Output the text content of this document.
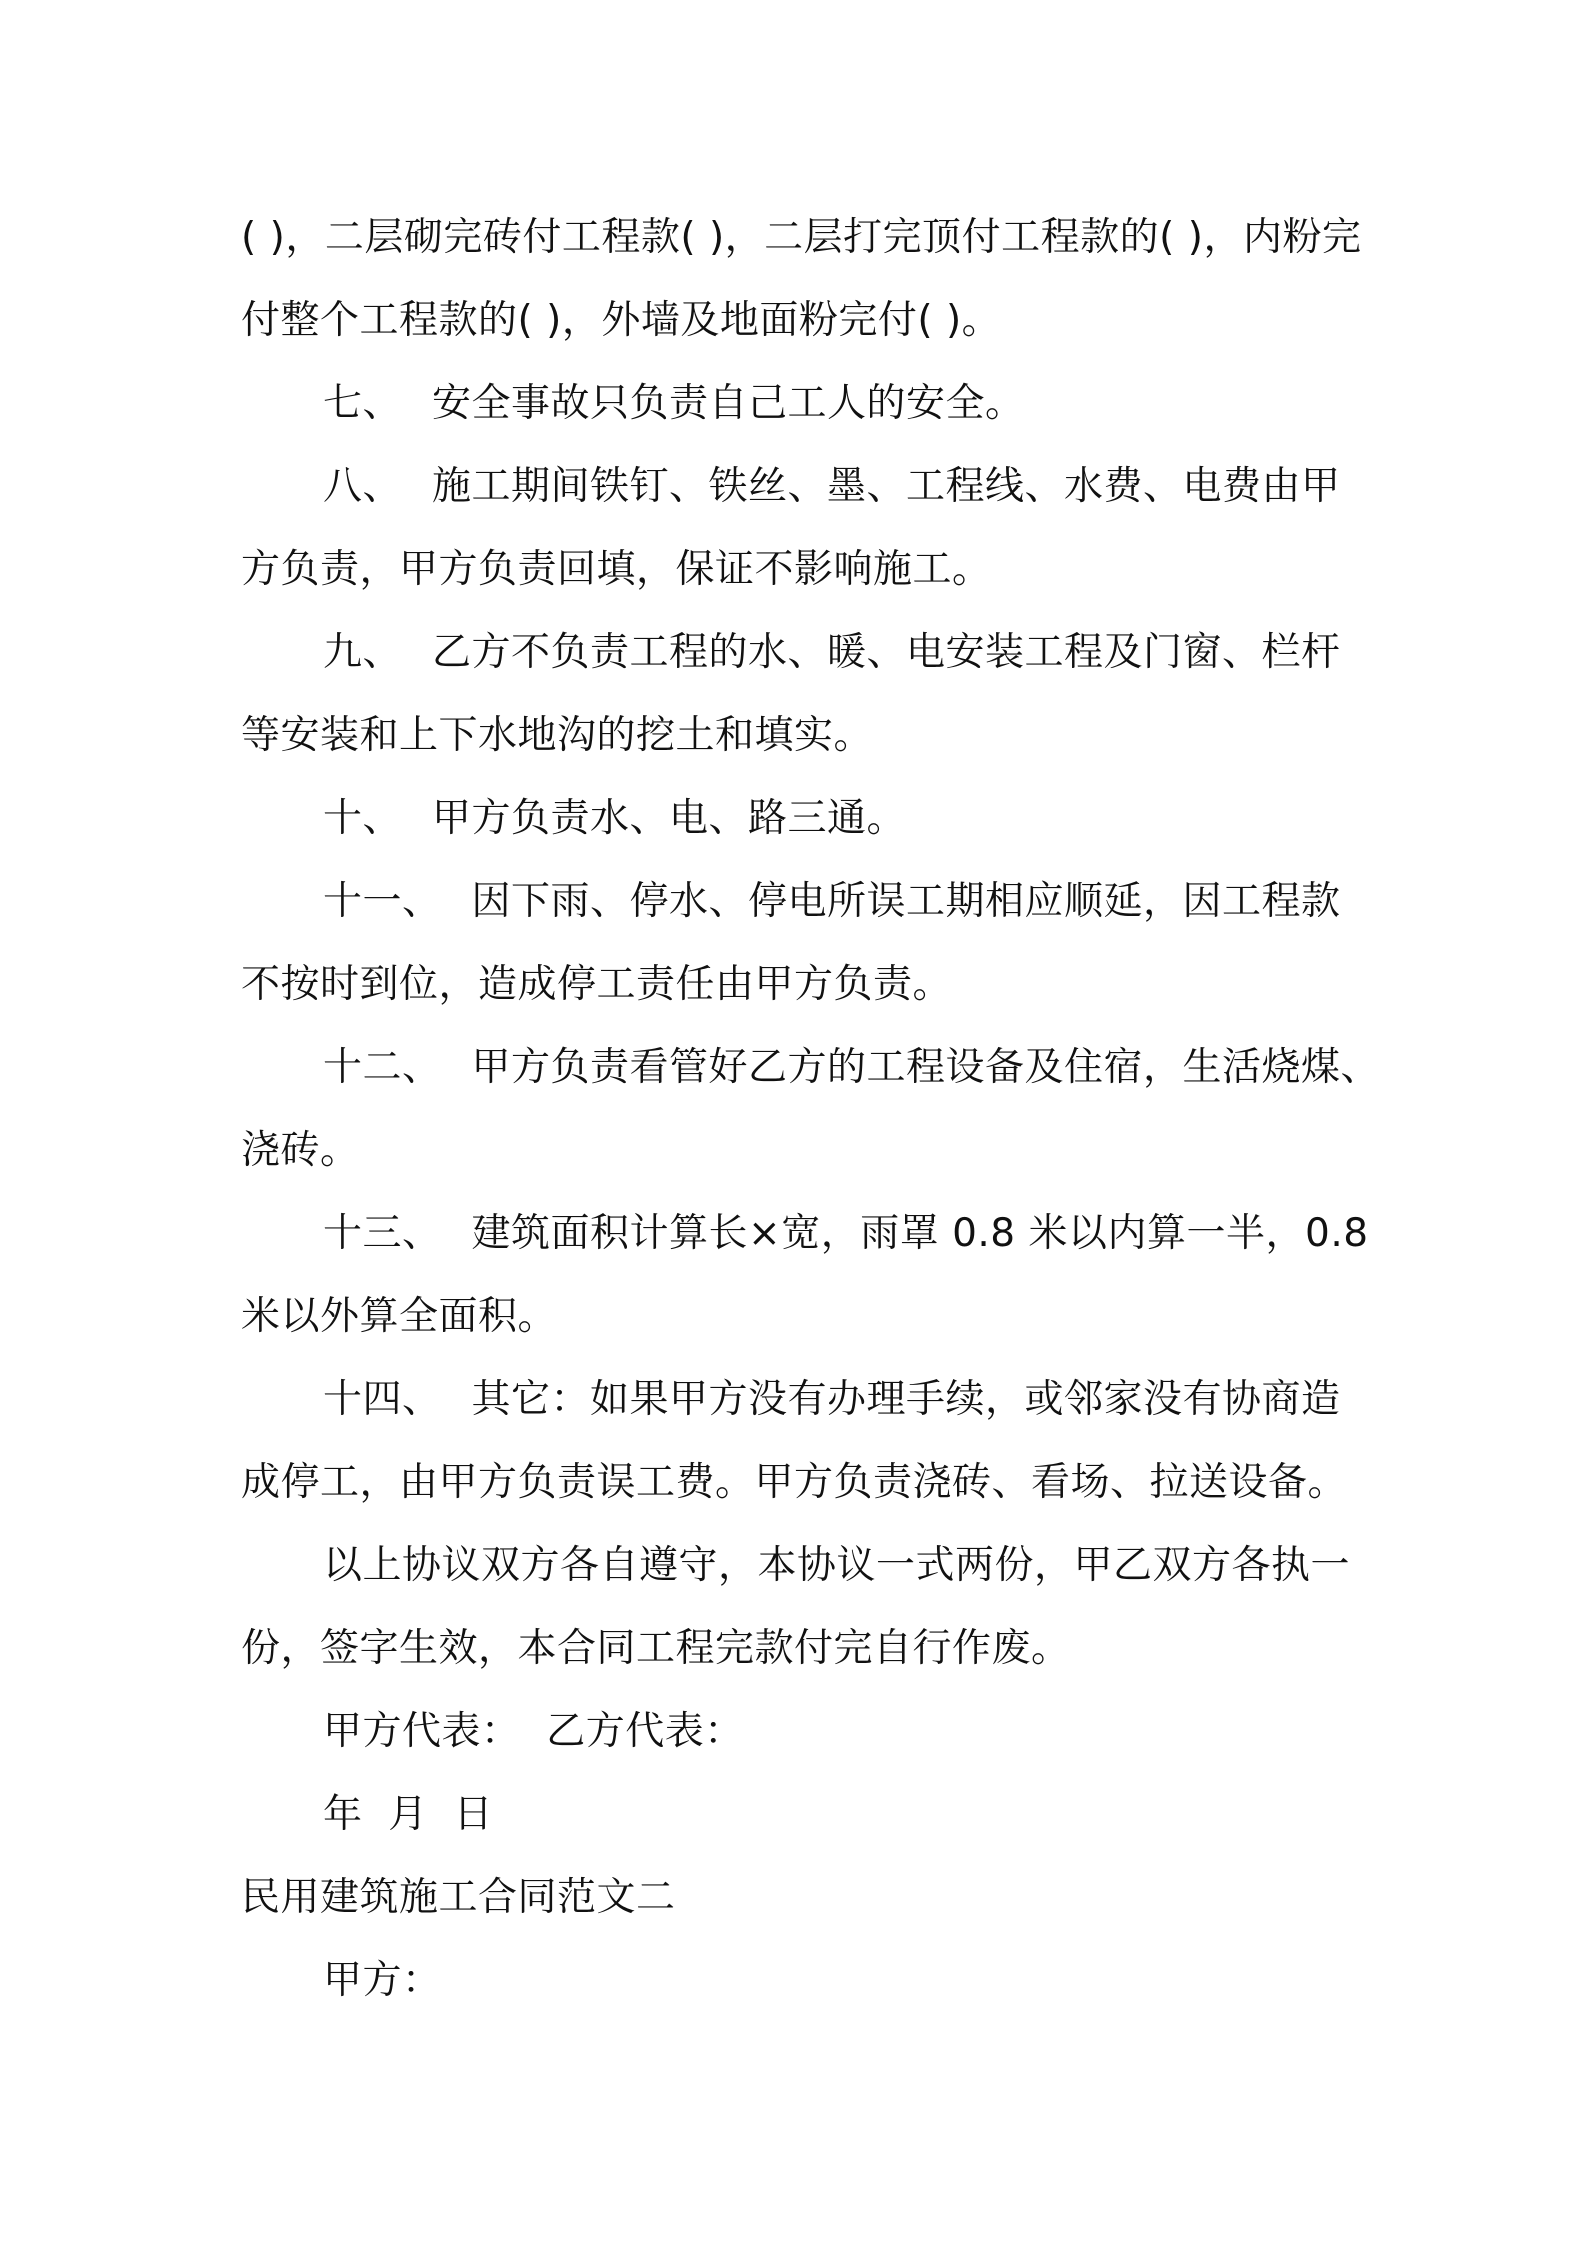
( )，二层砌完砖付工程款( )，二层打完顶付工程款的( )，内粉完
付整个工程款的( )，外墙及地面粉完付( )。
七、 安全事故只负责自己工人的安全。
八、 施工期间铁钉、铁丝、墨、工程线、水费、电费由甲
方负责，甲方负责回填，保证不影响施工。
九、 乙方不负责工程的水、暖、电安装工程及门窗、栏杆
等安装和上下水地沟的挖土和填实。
十、 甲方负责水、电、路三通。
十一、 因下雨、停水、停电所误工期相应顺延，因工程款
不按时到位，造成停工责任由甲方负责。
十二、 甲方负责看管好乙方的工程设备及住宿，生活烧煤、
浇砖。
十三、 建筑面积计算长×宽，雨罩 0.8 米以内算一半，0.8
米以外算全面积。
十四、 其它：如果甲方没有办理手续，或邻家没有协商造
成停工，由甲方负责误工费。甲方负责浇砖、看场、拉送设备。
以上协议双方各自遵守，本协议一式两份，甲乙双方各执一
份，签字生效，本合同工程完款付完自行作废。
甲方代表：  乙方代表：
年  月  日
民用建筑施工合同范文二
甲方：
